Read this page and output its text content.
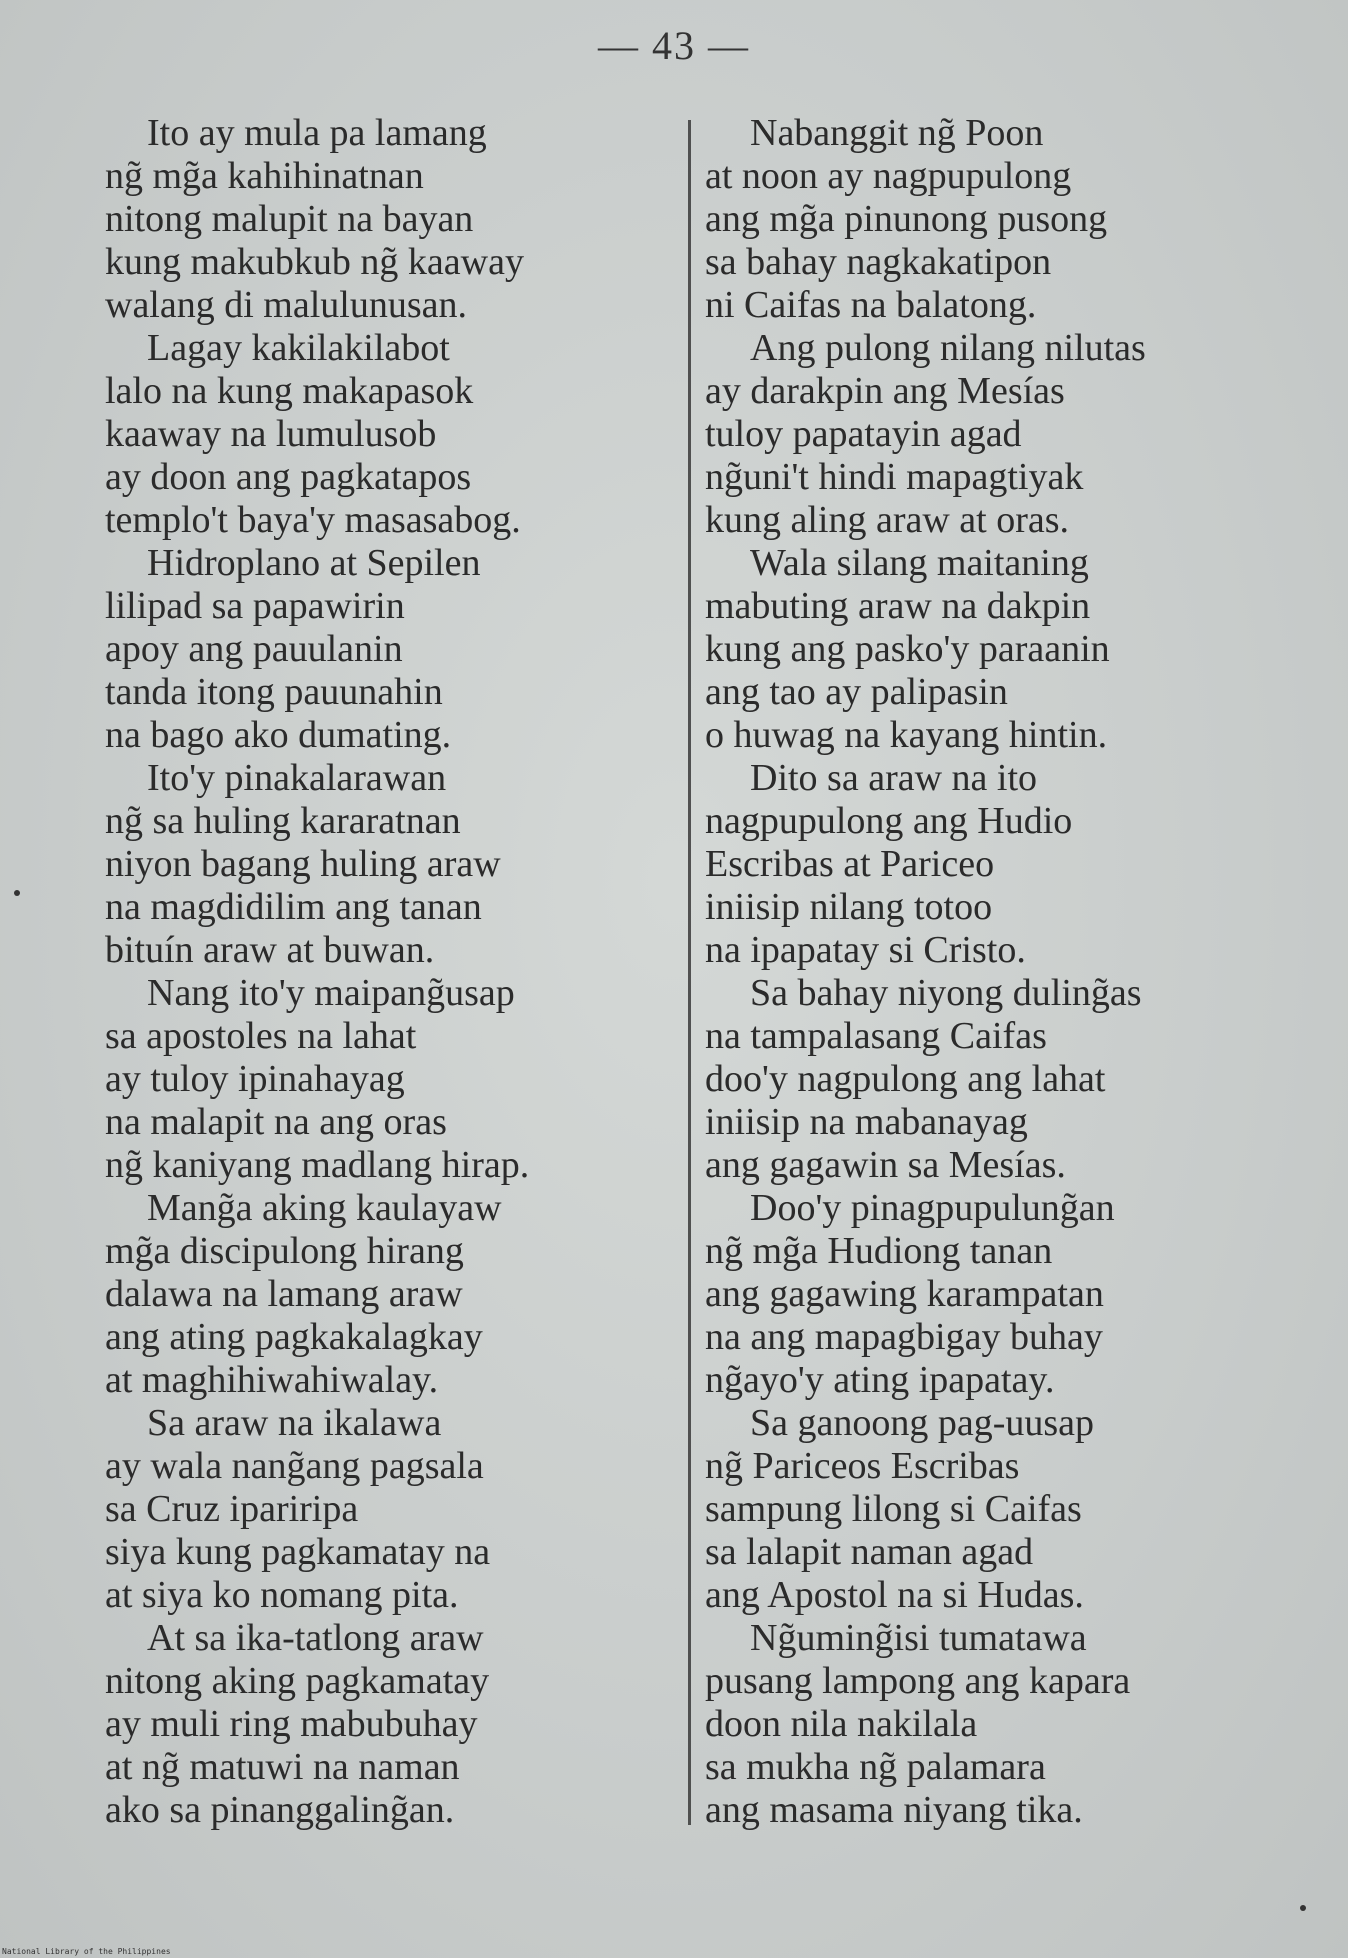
— 43 —
Ito ay mula pa lamang
ng̃ mg̃a kahihinatnan
nitong malupit na bayan
kung makubkub ng̃ kaaway
walang di malulunusan.
Lagay kakilakilabot
lalo na kung makapasok
kaaway na lumulusob
ay doon ang pagkatapos
templo't baya'y masasabog.
Hidroplano at Sepilen
lilipad sa papawirin
apoy ang pauulanin
tanda itong pauunahin
na bago ako dumating.
Ito'y pinakalarawan
ng̃ sa huling kararatnan
niyon bagang huling araw
na magdidilim ang tanan
bituín araw at buwan.
Nang ito'y maipang̃usap
sa apostoles na lahat
ay tuloy ipinahayag
na malapit na ang oras
ng̃ kaniyang madlang hirap.
Mang̃a aking kaulayaw
mg̃a discipulong hirang
dalawa na lamang araw
ang ating pagkakalagkay
at maghihiwahiwalay.
Sa araw na ikalawa
ay wala nang̃ang pagsala
sa Cruz ipariripa
siya kung pagkamatay na
at siya ko nomang pita.
At sa ika-tatlong araw
nitong aking pagkamatay
ay muli ring mabubuhay
at ng̃ matuwi na naman
ako sa pinanggaling̃an.
Nabanggit ng̃ Poon
at noon ay nagpupulong
ang mg̃a pinunong pusong
sa bahay nagkakatipon
ni Caifas na balatong.
Ang pulong nilang nilutas
ay darakpin ang Mesías
tuloy papatayin agad
ng̃uni't hindi mapagtiyak
kung aling araw at oras.
Wala silang maitaning
mabuting araw na dakpin
kung ang pasko'y paraanin
ang tao ay palipasin
o huwag na kayang hintin.
Dito sa araw na ito
nagpupulong ang Hudio
Escribas at Pariceo
iniisip nilang totoo
na ipapatay si Cristo.
Sa bahay niyong duling̃as
na tampalasang Caifas
doo'y nagpulong ang lahat
iniisip na mabanayag
ang gagawin sa Mesías.
Doo'y pinagpupulung̃an
ng̃ mg̃a Hudiong tanan
ang gagawing karampatan
na ang mapagbigay buhay
ng̃ayo'y ating ipapatay.
Sa ganoong pag-uusap
ng̃ Pariceos Escribas
sampung lilong si Caifas
sa lalapit naman agad
ang Apostol na si Hudas.
Ng̃uming̃isi tumatawa
pusang lampong ang kapara
doon nila nakilala
sa mukha ng̃ palamara
ang masama niyang tika.
National Library of the Philippines
